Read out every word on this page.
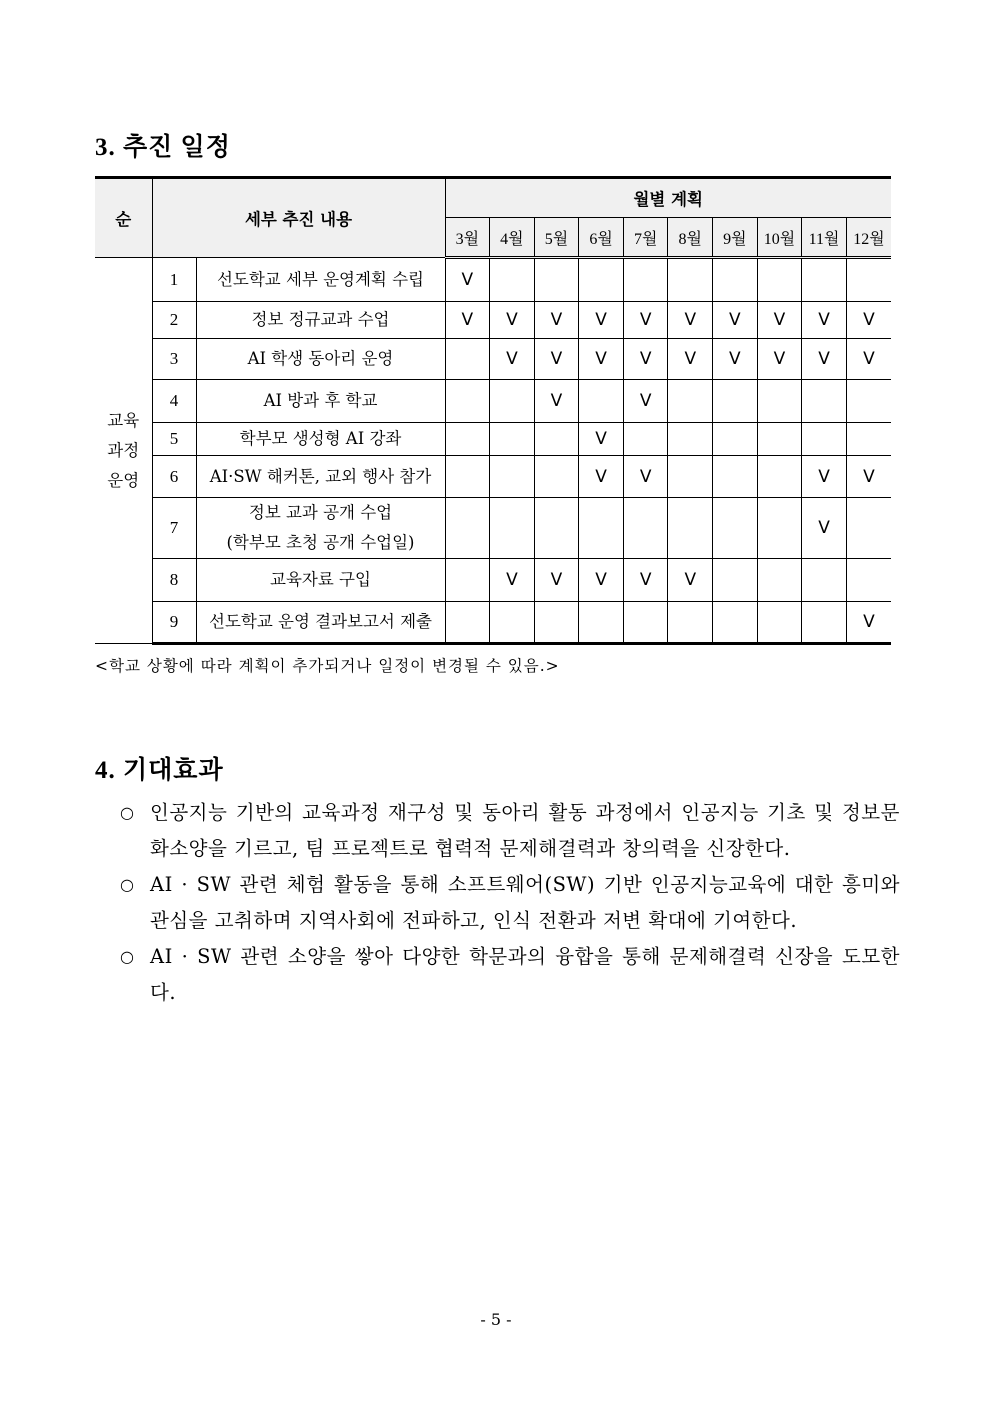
3. 추진 일정
순	세부 추진 내용		월별 계획									
			3월	4월	5월	6월	7월	8월	9월	10월	11월	12월

교육
과정
운영	1	선도학교 세부 운영계획 수립	V									
	2	정보 정규교과 수업	V	V	V	V	V	V	V	V	V	V
	3	AI 학생 동아리 운영		V	V	V	V	V	V	V	V	V
	4	AI 방과 후 학교			V		V					
	5	학부모 생성형 AI 강좌				V						
	6	AI·SW 해커톤, 교외 행사 참가				V	V				V	V
	7	정보 교과 공개 수업
(학부모 초청 공개 수업일)									V	
	8	교육자료 구입		V	V	V	V	V				
	9	선도학교 운영 결과보고서 제출										V

<학교 상황에 따라 계획이 추가되거나 일정이 변경될 수 있음.>

4. 기대효과
○ 인공지능 기반의 교육과정 재구성 및 동아리 활동 과정에서 인공지능 기초 및 정보문화소양을 기르고, 팀 프로젝트로 협력적 문제해결력과 창의력을 신장한다.
○ AI · SW 관련 체험 활동을 통해 소프트웨어(SW) 기반 인공지능교육에 대한 흥미와 관심을 고취하며 지역사회에 전파하고, 인식 전환과 저변 확대에 기여한다.
○ AI · SW 관련 소양을 쌓아 다양한 학문과의 융합을 통해 문제해결력 신장을 도모한다.
- 5 -
